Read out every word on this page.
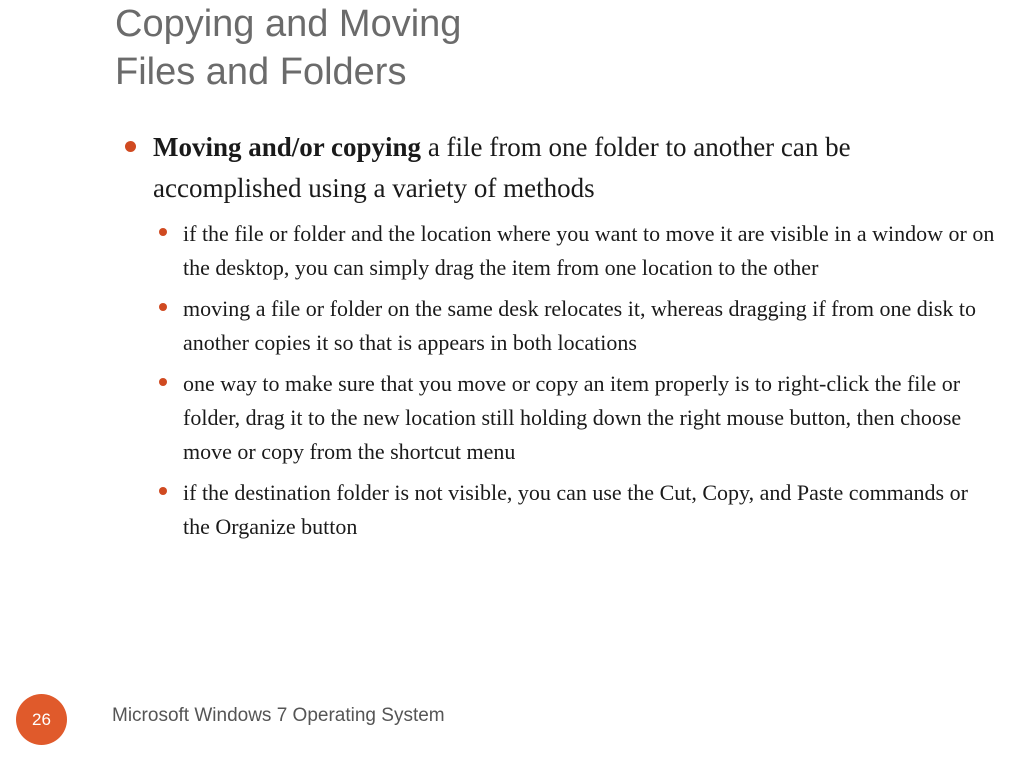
Copying and Moving
Files and Folders
Moving and/or copying a file from one folder to another can be accomplished using a variety of methods
if the file or folder and the location where you want to move it are visible in a window or on the desktop, you can simply drag the item from one location to the other
moving a file or folder on the same desk relocates it, whereas dragging if from one disk to another copies it so that is appears in both locations
one way to make sure that you move or copy an item properly is to right-click the file or folder, drag it to the new location still holding down the right mouse button, then choose move or copy from the shortcut menu
if the destination folder is not visible, you can use the Cut, Copy, and Paste commands or the Organize button
26	Microsoft Windows 7 Operating System
